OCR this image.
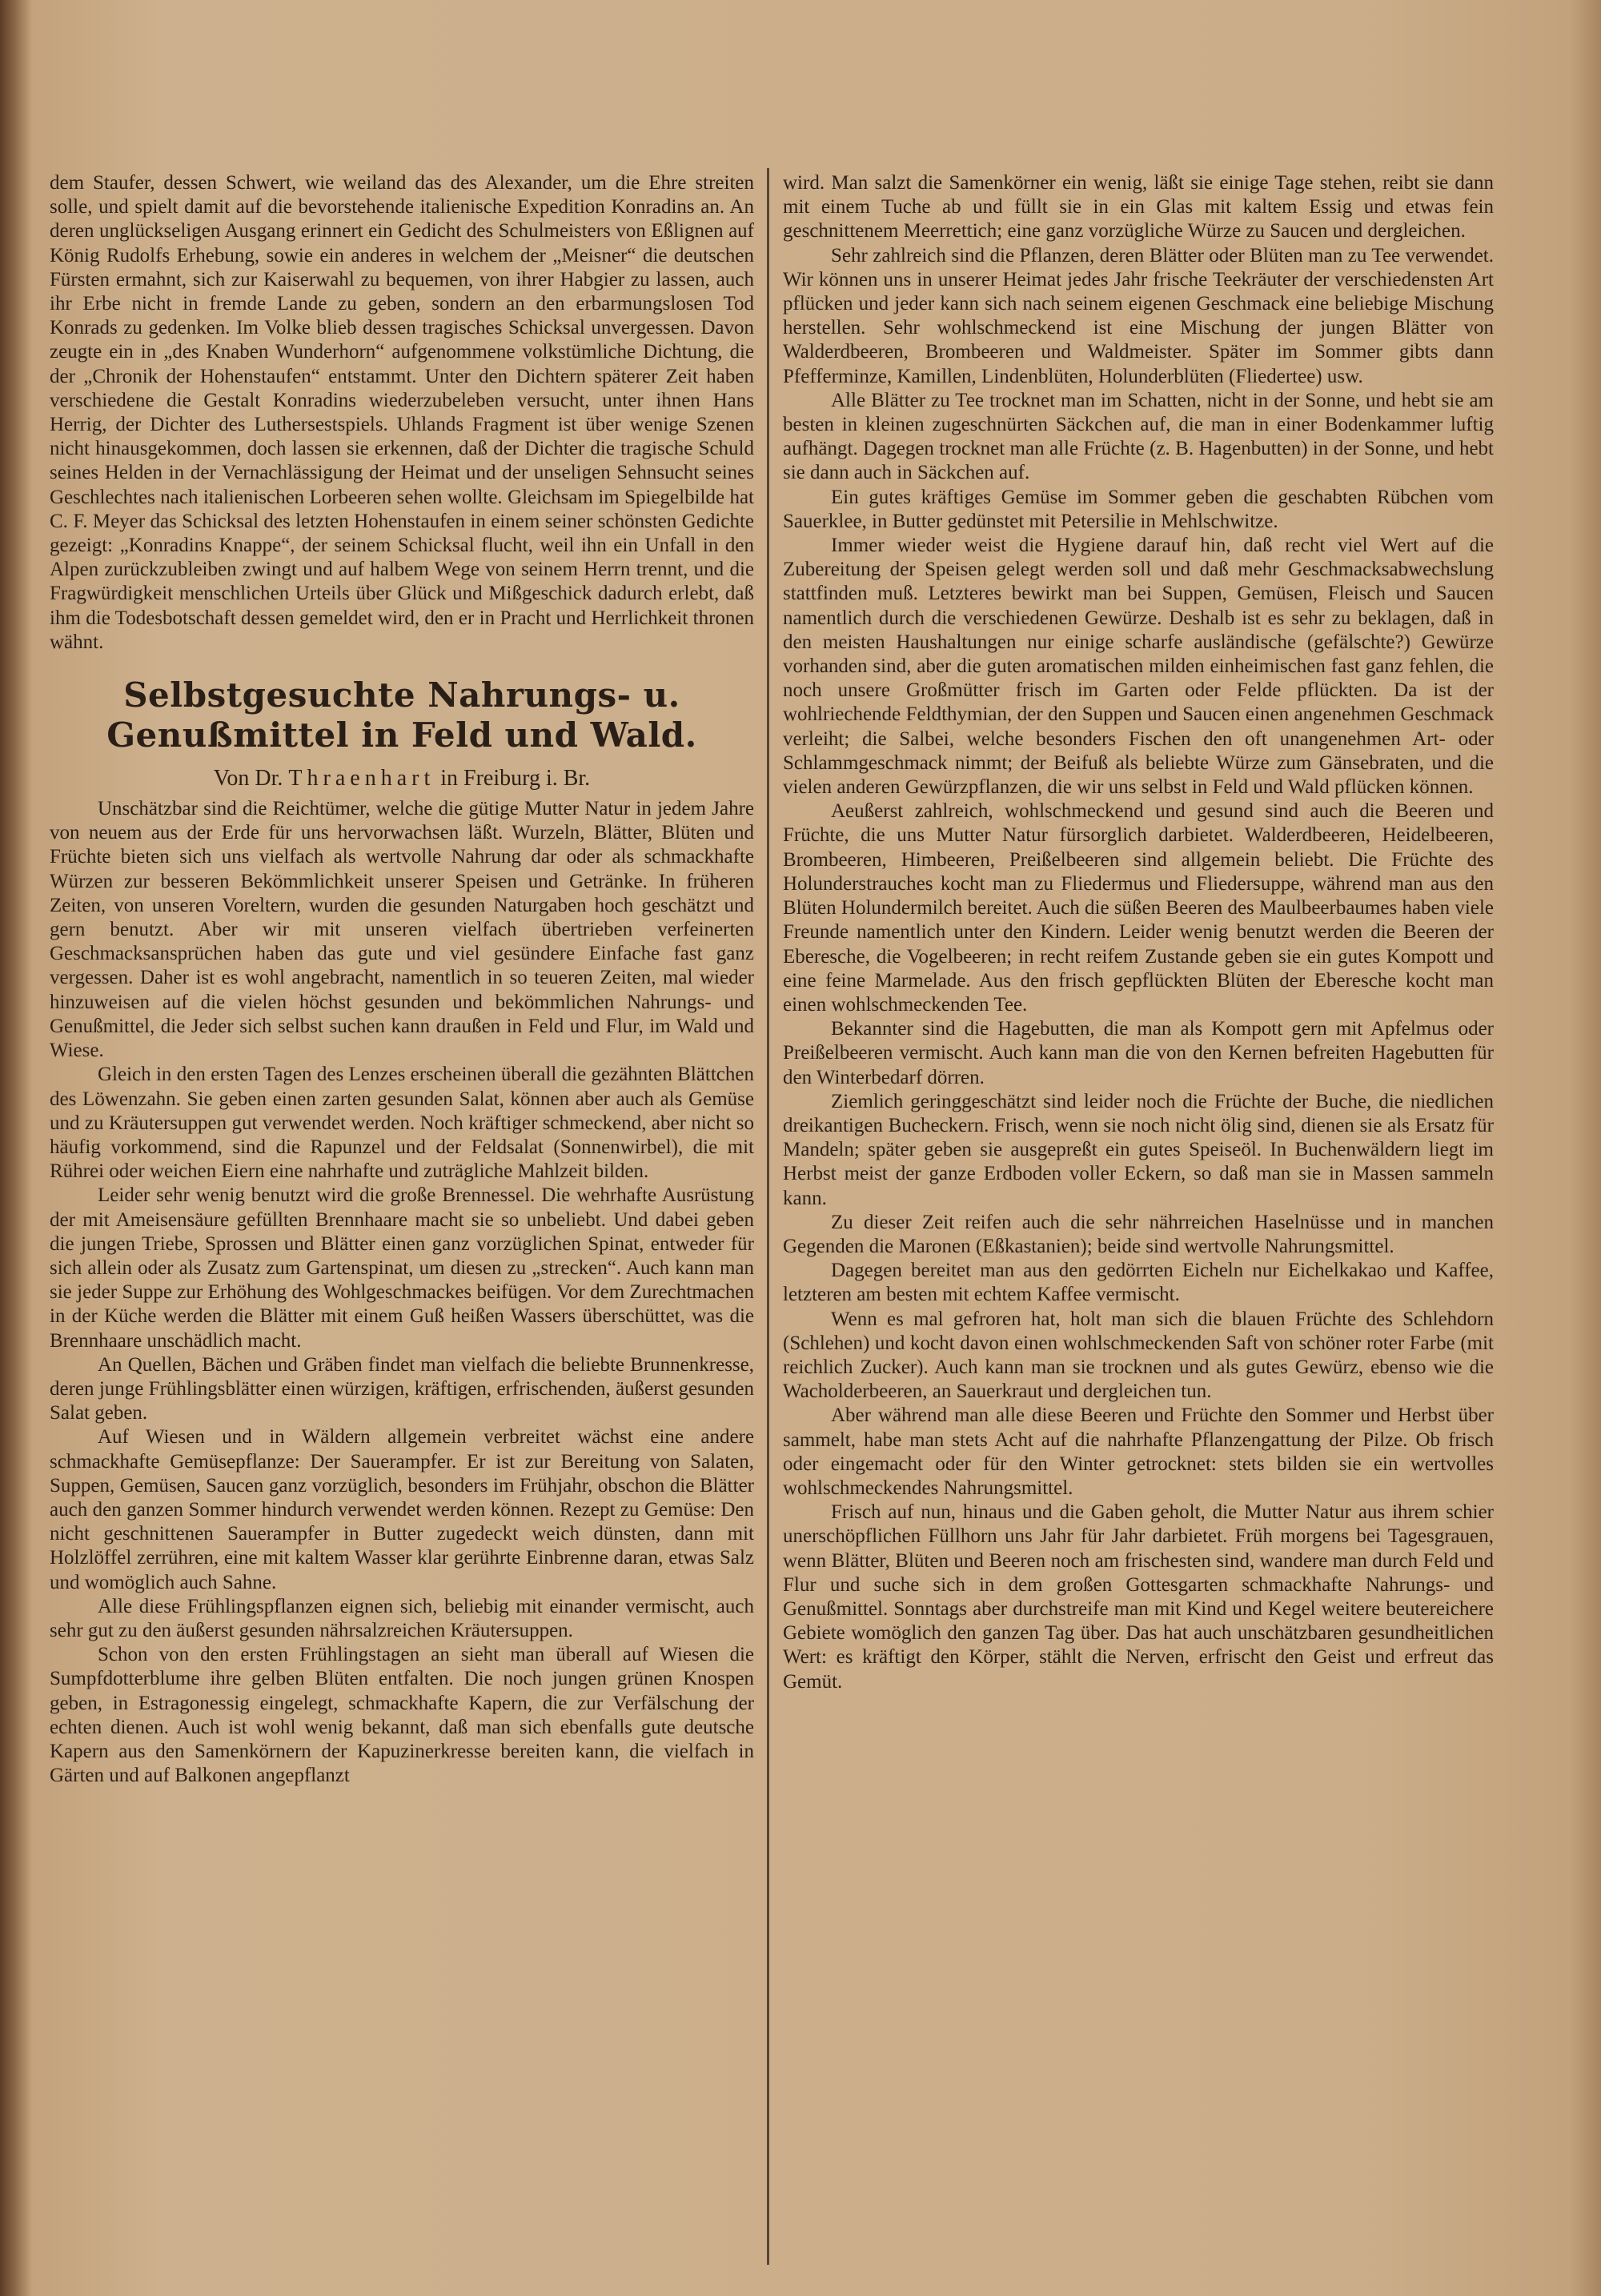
dem Staufer, dessen Schwert, wie weiland das des Alexander, um die Ehre streiten solle, und spielt damit auf die bevorstehende italienische Expedition Konradins an. An deren unglückseligen Ausgang erinnert ein Gedicht des Schulmeisters von Eßlignen auf König Rudolfs Erhebung, sowie ein anderes in welchem der „Meisner“ die deutschen Fürsten ermahnt, sich zur Kaiserwahl zu bequemen, von ihrer Habgier zu lassen, auch ihr Erbe nicht in fremde Lande zu geben, sondern an den erbarmungslosen Tod Konrads zu gedenken. Im Volke blieb dessen tragisches Schicksal unvergessen. Davon zeugte ein in „des Knaben Wunderhorn“ aufgenommene volkstümliche Dichtung, die der „Chronik der Hohenstaufen“ entstammt. Unter den Dichtern späterer Zeit haben verschiedene die Gestalt Konradins wiederzubeleben versucht, unter ihnen Hans Herrig, der Dichter des Luthersestspiels. Uhlands Fragment ist über wenige Szenen nicht hinausgekommen, doch lassen sie erkennen, daß der Dichter die tragische Schuld seines Helden in der Vernachlässigung der Heimat und der unseligen Sehnsucht seines Geschlechtes nach italienischen Lorbeeren sehen wollte. Gleichsam im Spiegelbilde hat C. F. Meyer das Schicksal des letzten Hohenstaufen in einem seiner schönsten Gedichte gezeigt: „Konradins Knappe“, der seinem Schicksal flucht, weil ihn ein Unfall in den Alpen zurückzubleiben zwingt und auf halbem Wege von seinem Herrn trennt, und die Fragwürdigkeit menschlichen Urteils über Glück und Mißgeschick dadurch erlebt, daß ihm die Todesbotschaft dessen gemeldet wird, den er in Pracht und Herrlichkeit thronen wähnt.

Selbstgesuchte Nahrungs- u. Genußmittel in Feld und Wald.
Von Dr. Thraenhart in Freiburg i. Br.

Unschätzbar sind die Reichtümer, welche die gütige Mutter Natur in jedem Jahre von neuem aus der Erde für uns hervorwachsen läßt. Wurzeln, Blätter, Blüten und Früchte bieten sich uns vielfach als wertvolle Nahrung dar oder als schmackhafte Würzen zur besseren Bekömmlichkeit unserer Speisen und Getränke. In früheren Zeiten, von unseren Voreltern, wurden die gesunden Naturgaben hoch geschätzt und gern benutzt. Aber wir mit unseren vielfach übertrieben verfeinerten Geschmacksansprüchen haben das gute und viel gesündere Einfache fast ganz vergessen. Daher ist es wohl angebracht, namentlich in so teueren Zeiten, mal wieder hinzuweisen auf die vielen höchst gesunden und bekömmlichen Nahrungs- und Genußmittel, die Jeder sich selbst suchen kann draußen in Feld und Flur, im Wald und Wiese.

Gleich in den ersten Tagen des Lenzes erscheinen überall die gezähnten Blättchen des Löwenzahn. Sie geben einen zarten gesunden Salat, können aber auch als Gemüse und zu Kräutersuppen gut verwendet werden. Noch kräftiger schmeckend, aber nicht so häufig vorkommend, sind die Rapunzel und der Feldsalat (Sonnenwirbel), die mit Rührei oder weichen Eiern eine nahrhafte und zuträgliche Mahlzeit bilden.

Leider sehr wenig benutzt wird die große Brennessel. Die wehrhafte Ausrüstung der mit Ameisensäure gefüllten Brennhaare macht sie so unbeliebt. Und dabei geben die jungen Triebe, Sprossen und Blätter einen ganz vorzüglichen Spinat, entweder für sich allein oder als Zusatz zum Gartenspinat, um diesen zu „strecken“. Auch kann man sie jeder Suppe zur Erhöhung des Wohlgeschmackes beifügen. Vor dem Zurechtmachen in der Küche werden die Blätter mit einem Guß heißen Wassers überschüttet, was die Brennhaare unschädlich macht.

An Quellen, Bächen und Gräben findet man vielfach die beliebte Brunnenkresse, deren junge Frühlingsblätter einen würzigen, kräftigen, erfrischenden, äußerst gesunden Salat geben.

Auf Wiesen und in Wäldern allgemein verbreitet wächst eine andere schmackhafte Gemüsepflanze: Der Sauerampfer. Er ist zur Bereitung von Salaten, Suppen, Gemüsen, Saucen ganz vorzüglich, besonders im Frühjahr, obschon die Blätter auch den ganzen Sommer hindurch verwendet werden können. Rezept zu Gemüse: Den nicht geschnittenen Sauerampfer in Butter zugedeckt weich dünsten, dann mit Holzlöffel zerrühren, eine mit kaltem Wasser klar gerührte Einbrenne daran, etwas Salz und womöglich auch Sahne.

Alle diese Frühlingspflanzen eignen sich, beliebig mit einander vermischt, auch sehr gut zu den äußerst gesunden nährsalzreichen Kräutersuppen.

Schon von den ersten Frühlingstagen an sieht man überall auf Wiesen die Sumpfdotterblume ihre gelben Blüten entfalten. Die noch jungen grünen Knospen geben, in Estragonessig eingelegt, schmackhafte Kapern, die zur Verfälschung der echten dienen. Auch ist wohl wenig bekannt, daß man sich ebenfalls gute deutsche Kapern aus den Samenkörnern der Kapuzinerkresse bereiten kann, die vielfach in Gärten und auf Balkonen angepflanzt

wird. Man salzt die Samenkörner ein wenig, läßt sie einige Tage stehen, reibt sie dann mit einem Tuche ab und füllt sie in ein Glas mit kaltem Essig und etwas fein geschnittenem Meerrettich; eine ganz vorzügliche Würze zu Saucen und dergleichen.

Sehr zahlreich sind die Pflanzen, deren Blätter oder Blüten man zu Tee verwendet. Wir können uns in unserer Heimat jedes Jahr frische Teekräuter der verschiedensten Art pflücken und jeder kann sich nach seinem eigenen Geschmack eine beliebige Mischung herstellen. Sehr wohlschmeckend ist eine Mischung der jungen Blätter von Walderdbeeren, Brombeeren und Waldmeister. Später im Sommer gibts dann Pfefferminze, Kamillen, Lindenblüten, Holunderblüten (Fliedertee) usw.

Alle Blätter zu Tee trocknet man im Schatten, nicht in der Sonne, und hebt sie am besten in kleinen zugeschnürten Säckchen auf, die man in einer Bodenkammer luftig aufhängt. Dagegen trocknet man alle Früchte (z. B. Hagenbutten) in der Sonne, und hebt sie dann auch in Säckchen auf.

Ein gutes kräftiges Gemüse im Sommer geben die geschabten Rübchen vom Sauerklee, in Butter gedünstet mit Petersilie in Mehlschwitze.

Immer wieder weist die Hygiene darauf hin, daß recht viel Wert auf die Zubereitung der Speisen gelegt werden soll und daß mehr Geschmacksabwechslung stattfinden muß. Letzteres bewirkt man bei Suppen, Gemüsen, Fleisch und Saucen namentlich durch die verschiedenen Gewürze. Deshalb ist es sehr zu beklagen, daß in den meisten Haushaltungen nur einige scharfe ausländische (gefälschte?) Gewürze vorhanden sind, aber die guten aromatischen milden einheimischen fast ganz fehlen, die noch unsere Großmütter frisch im Garten oder Felde pflückten. Da ist der wohlriechende Feldthymian, der den Suppen und Saucen einen angenehmen Geschmack verleiht; die Salbei, welche besonders Fischen den oft unangenehmen Art- oder Schlammgeschmack nimmt; der Beifuß als beliebte Würze zum Gänsebraten, und die vielen anderen Gewürzpflanzen, die wir uns selbst in Feld und Wald pflücken können.

Aeußerst zahlreich, wohlschmeckend und gesund sind auch die Beeren und Früchte, die uns Mutter Natur fürsorglich darbietet. Walderdbeeren, Heidelbeeren, Brombeeren, Himbeeren, Preißelbeeren sind allgemein beliebt. Die Früchte des Holunderstrauches kocht man zu Fliedermus und Fliedersuppe, während man aus den Blüten Holundermilch bereitet. Auch die süßen Beeren des Maulbeerbaumes haben viele Freunde namentlich unter den Kindern. Leider wenig benutzt werden die Beeren der Eberesche, die Vogelbeeren; in recht reifem Zustande geben sie ein gutes Kompott und eine feine Marmelade. Aus den frisch gepflückten Blüten der Eberesche kocht man einen wohlschmeckenden Tee.

Bekannter sind die Hagebutten, die man als Kompott gern mit Apfelmus oder Preißelbeeren vermischt. Auch kann man die von den Kernen befreiten Hagebutten für den Winterbedarf dörren.

Ziemlich geringgeschätzt sind leider noch die Früchte der Buche, die niedlichen dreikantigen Bucheckern. Frisch, wenn sie noch nicht ölig sind, dienen sie als Ersatz für Mandeln; später geben sie ausgepreßt ein gutes Speiseöl. In Buchenwäldern liegt im Herbst meist der ganze Erdboden voller Eckern, so daß man sie in Massen sammeln kann.

Zu dieser Zeit reifen auch die sehr nährreichen Haselnüsse und in manchen Gegenden die Maronen (Eßkastanien); beide sind wertvolle Nahrungsmittel.

Dagegen bereitet man aus den gedörrten Eicheln nur Eichelkakao und Kaffee, letzteren am besten mit echtem Kaffee vermischt.

Wenn es mal gefroren hat, holt man sich die blauen Früchte des Schlehdorn (Schlehen) und kocht davon einen wohlschmeckenden Saft von schöner roter Farbe (mit reichlich Zucker). Auch kann man sie trocknen und als gutes Gewürz, ebenso wie die Wacholderbeeren, an Sauerkraut und dergleichen tun.

Aber während man alle diese Beeren und Früchte den Sommer und Herbst über sammelt, habe man stets Acht auf die nahrhafte Pflanzengattung der Pilze. Ob frisch oder eingemacht oder für den Winter getrocknet: stets bilden sie ein wertvolles wohlschmeckendes Nahrungsmittel.

Frisch auf nun, hinaus und die Gaben geholt, die Mutter Natur aus ihrem schier unerschöpflichen Füllhorn uns Jahr für Jahr darbietet. Früh morgens bei Tagesgrauen, wenn Blätter, Blüten und Beeren noch am frischesten sind, wandere man durch Feld und Flur und suche sich in dem großen Gottesgarten schmackhafte Nahrungs- und Genußmittel. Sonntags aber durchstreife man mit Kind und Kegel weitere beutereichere Gebiete womöglich den ganzen Tag über. Das hat auch unschätzbaren gesundheitlichen Wert: es kräftigt den Körper, stählt die Nerven, erfrischt den Geist und erfreut das Gemüt.
